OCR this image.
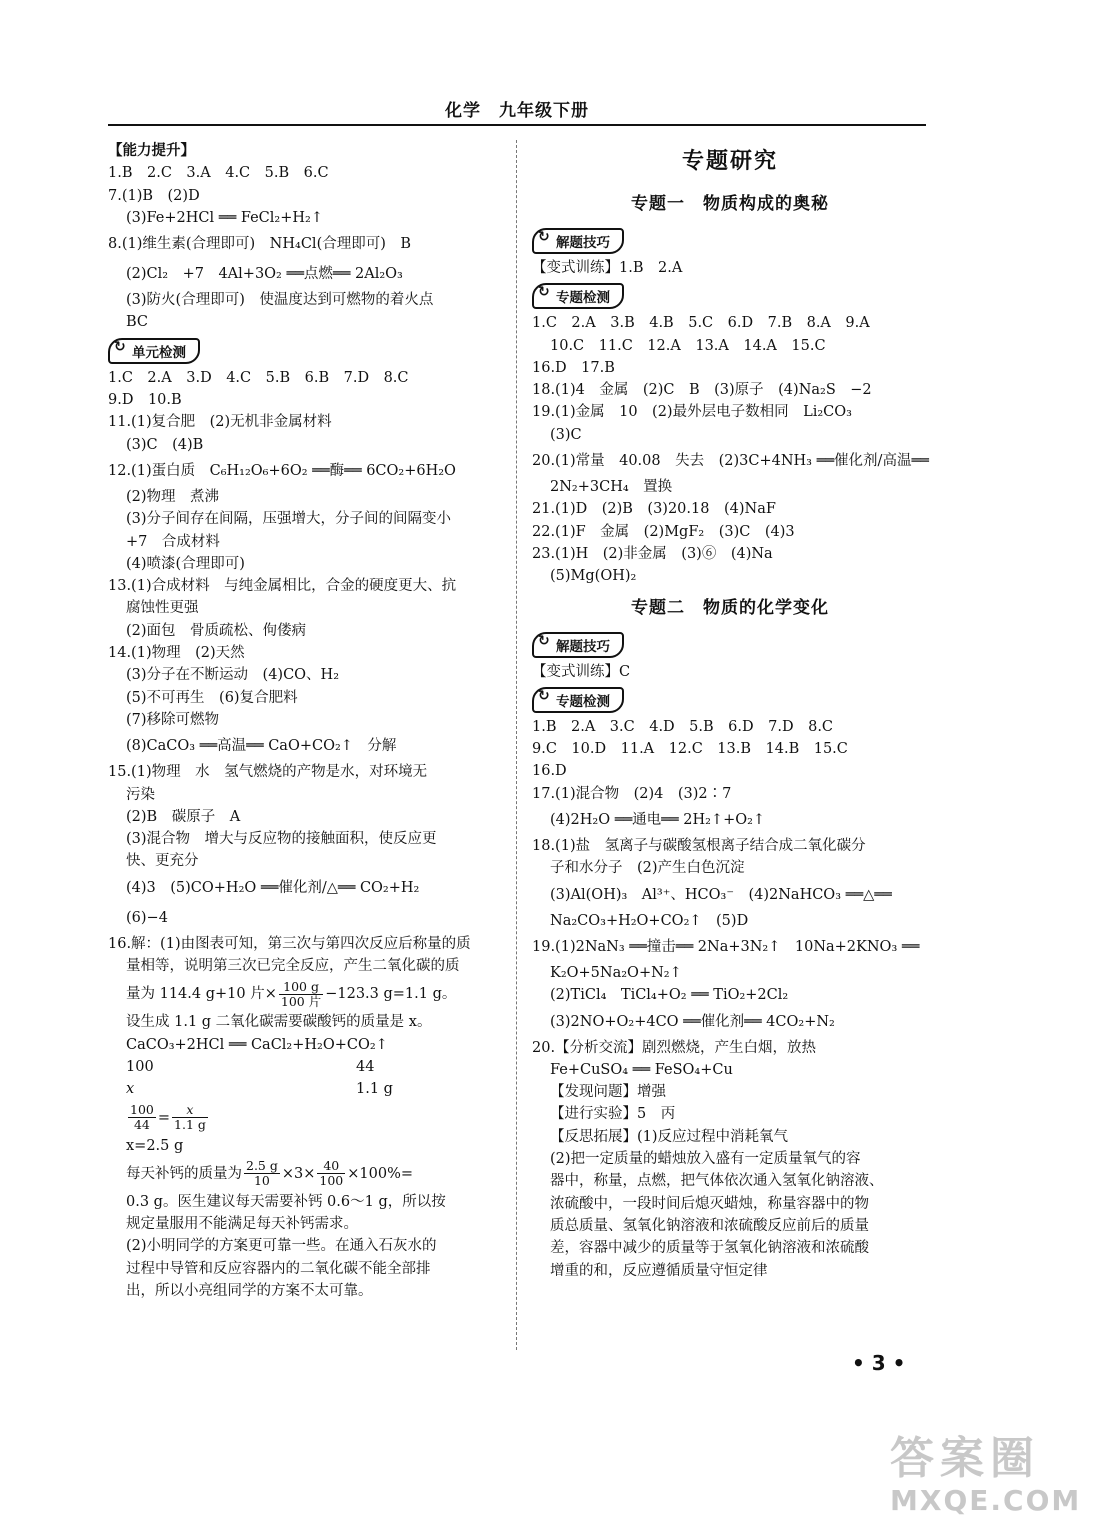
化学　九年级下册
【能力提升】
1.B　2.C　3.A　4.C　5.B　6.C
7.(1)B　(2)D
(3)Fe+2HCl ══ FeCl₂+H₂↑
8.(1)维生素(合理即可)　NH₄Cl(合理即可)　B
(2)Cl₂　+7　4Al+3O₂ ══点燃══ 2Al₂O₃
(3)防火(合理即可)　使温度达到可燃物的着火点
BC
↻ 单元检测
1.C　2.A　3.D　4.C　5.B　6.B　7.D　8.C
9.D　10.B
11.(1)复合肥　(2)无机非金属材料
(3)C　(4)B
12.(1)蛋白质　C₆H₁₂O₆+6O₂ ══酶══ 6CO₂+6H₂O
(2)物理　煮沸
(3)分子间存在间隔，压强增大，分子间的间隔变小
+7　合成材料
(4)喷漆(合理即可)
13.(1)合成材料　与纯金属相比，合金的硬度更大、抗
腐蚀性更强
(2)面包　骨质疏松、佝偻病
14.(1)物理　(2)天然
(3)分子在不断运动　(4)CO、H₂
(5)不可再生　(6)复合肥料
(7)移除可燃物
(8)CaCO₃ ══高温══ CaO+CO₂↑　分解
15.(1)物理　水　氢气燃烧的产物是水，对环境无
污染
(2)B　碳原子　A
(3)混合物　增大与反应物的接触面积，使反应更
快、更充分
(4)3　(5)CO+H₂O ══催化剂/△══ CO₂+H₂
(6)−4
16.解：(1)由图表可知，第三次与第四次反应后称量的质
量相等，说明第三次已完全反应，产生二氧化碳的质
量为 114.4 g+10 片× $\frac{100 g}{\text{100 片}} -123.3$ g=1.1 g。
设生成 1.1 g 二氧化碳需要碳酸钙的质量是 x。
CaCO₃+2HCl ══ CaCl₂+H₂O+CO₂↑
100	44
x	1.1 g
$\frac{100}{44} = \frac{x}{1.1 g}$
x=2.5 g
每天补钙的质量为 $\frac{2.5 g}{10} \times 3\times \frac{40}{100} \times 100\%=$
0.3 g。医生建议每天需要补钙 0.6～1 g，所以按
规定量服用不能满足每天补钙需求。
(2)小明同学的方案更可靠一些。在通入石灰水的
过程中导管和反应容器内的二氧化碳不能全部排
出，所以小亮组同学的方案不太可靠。
专题研究
专题一　物质构成的奥秘
↻ 解题技巧
【变式训练】1.B　2.A
↻ 专题检测
1.C　2.A　3.B　4.B　5.C　6.D　7.B　8.A　9.A
10.C　11.C　12.A　13.A　14.A　15.C
16.D　17.B
18.(1)4　金属　(2)C　B　(3)原子　(4)Na₂S　−2
19.(1)金属　10　(2)最外层电子数相同　Li₂CO₃
(3)C
20.(1)常量　40.08　失去　(2)3C+4NH₃ ══催化剂/高温══
2N₂+3CH₄　置换
21.(1)D　(2)B　(3)20.18　(4)NaF
22.(1)F　金属　(2)MgF₂　(3)C　(4)3
23.(1)H　(2)非金属　(3)⑥　(4)Na
(5)Mg(OH)₂
专题二　物质的化学变化
↻ 解题技巧
【变式训练】C
↻ 专题检测
1.B　2.A　3.C　4.D　5.B　6.D　7.D　8.C
9.C　10.D　11.A　12.C　13.B　14.B　15.C
16.D
17.(1)混合物　(2)4　(3)2∶7
(4)2H₂O ══通电══ 2H₂↑+O₂↑
18.(1)盐　氢离子与碳酸氢根离子结合成二氧化碳分
子和水分子　(2)产生白色沉淀
(3)Al(OH)₃　Al³⁺、HCO₃⁻　(4)2NaHCO₃ ══△══
Na₂CO₃+H₂O+CO₂↑　(5)D
19.(1)2NaN₃ ══撞击══ 2Na+3N₂↑　10Na+2KNO₃ ══
K₂O+5Na₂O+N₂↑
(2)TiCl₄　TiCl₄+O₂ ══ TiO₂+2Cl₂
(3)2NO+O₂+4CO ══催化剂══ 4CO₂+N₂
20.【分析交流】剧烈燃烧，产生白烟，放热
Fe+CuSO₄ ══ FeSO₄+Cu
【发现问题】增强
【进行实验】5　丙
【反思拓展】(1)反应过程中消耗氧气
(2)把一定质量的蜡烛放入盛有一定质量氧气的容
器中，称量，点燃，把气体依次通入氢氧化钠溶液、
浓硫酸中，一段时间后熄灭蜡烛，称量容器中的物
质总质量、氢氧化钠溶液和浓硫酸反应前后的质量
差，容器中减少的质量等于氢氧化钠溶液和浓硫酸
增重的和，反应遵循质量守恒定律
• 3 •
答案圈
MXQE.COM
